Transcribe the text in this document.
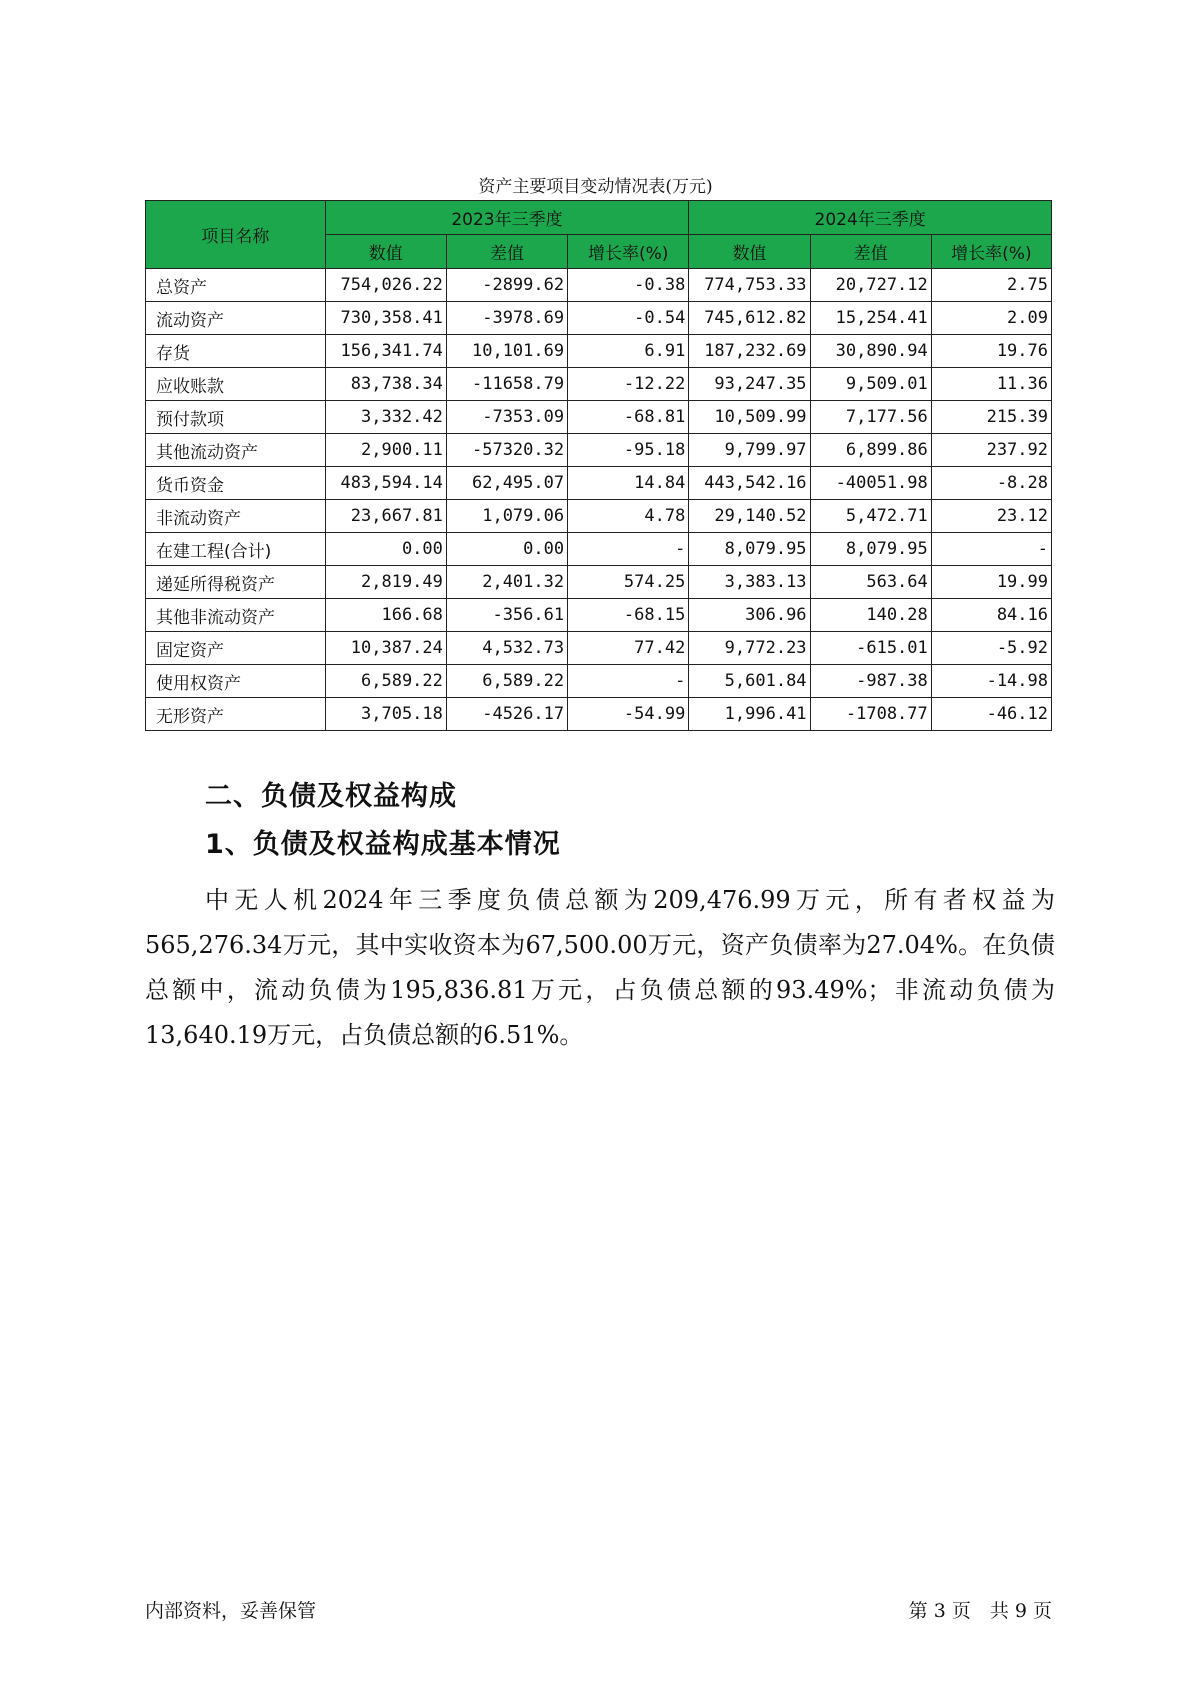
资产主要项目变动情况表(万元)
项目名称	2023年三季度			2024年三季度		
	数值	差值	增长率(%)	数值	差值	增长率(%)
总资产	754,026.22	-2899.62	-0.38	774,753.33	20,727.12	2.75
流动资产	730,358.41	-3978.69	-0.54	745,612.82	15,254.41	2.09
存货	156,341.74	10,101.69	6.91	187,232.69	30,890.94	19.76
应收账款	83,738.34	-11658.79	-12.22	93,247.35	9,509.01	11.36
预付款项	3,332.42	-7353.09	-68.81	10,509.99	7,177.56	215.39
其他流动资产	2,900.11	-57320.32	-95.18	9,799.97	6,899.86	237.92
货币资金	483,594.14	62,495.07	14.84	443,542.16	-40051.98	-8.28
非流动资产	23,667.81	1,079.06	4.78	29,140.52	5,472.71	23.12
在建工程(合计)	0.00	0.00	-	8,079.95	8,079.95	-
递延所得税资产	2,819.49	2,401.32	574.25	3,383.13	563.64	19.99
其他非流动资产	166.68	-356.61	-68.15	306.96	140.28	84.16
固定资产	10,387.24	4,532.73	77.42	9,772.23	-615.01	-5.92
使用权资产	6,589.22	6,589.22	-	5,601.84	-987.38	-14.98
无形资产	3,705.18	-4526.17	-54.99	1,996.41	-1708.77	-46.12
二、负债及权益构成
1、负债及权益构成基本情况
中无人机2024年三季度负债总额为209,476.99万元，所有者权益为565,276.34万元，其中实收资本为67,500.00万元，资产负债率为27.04%。在负债总额中，流动负债为195,836.81万元，占负债总额的93.49%；非流动负债为13,640.19万元，占负债总额的6.51%。
内部资料，妥善保管	第 3 页　共 9 页
